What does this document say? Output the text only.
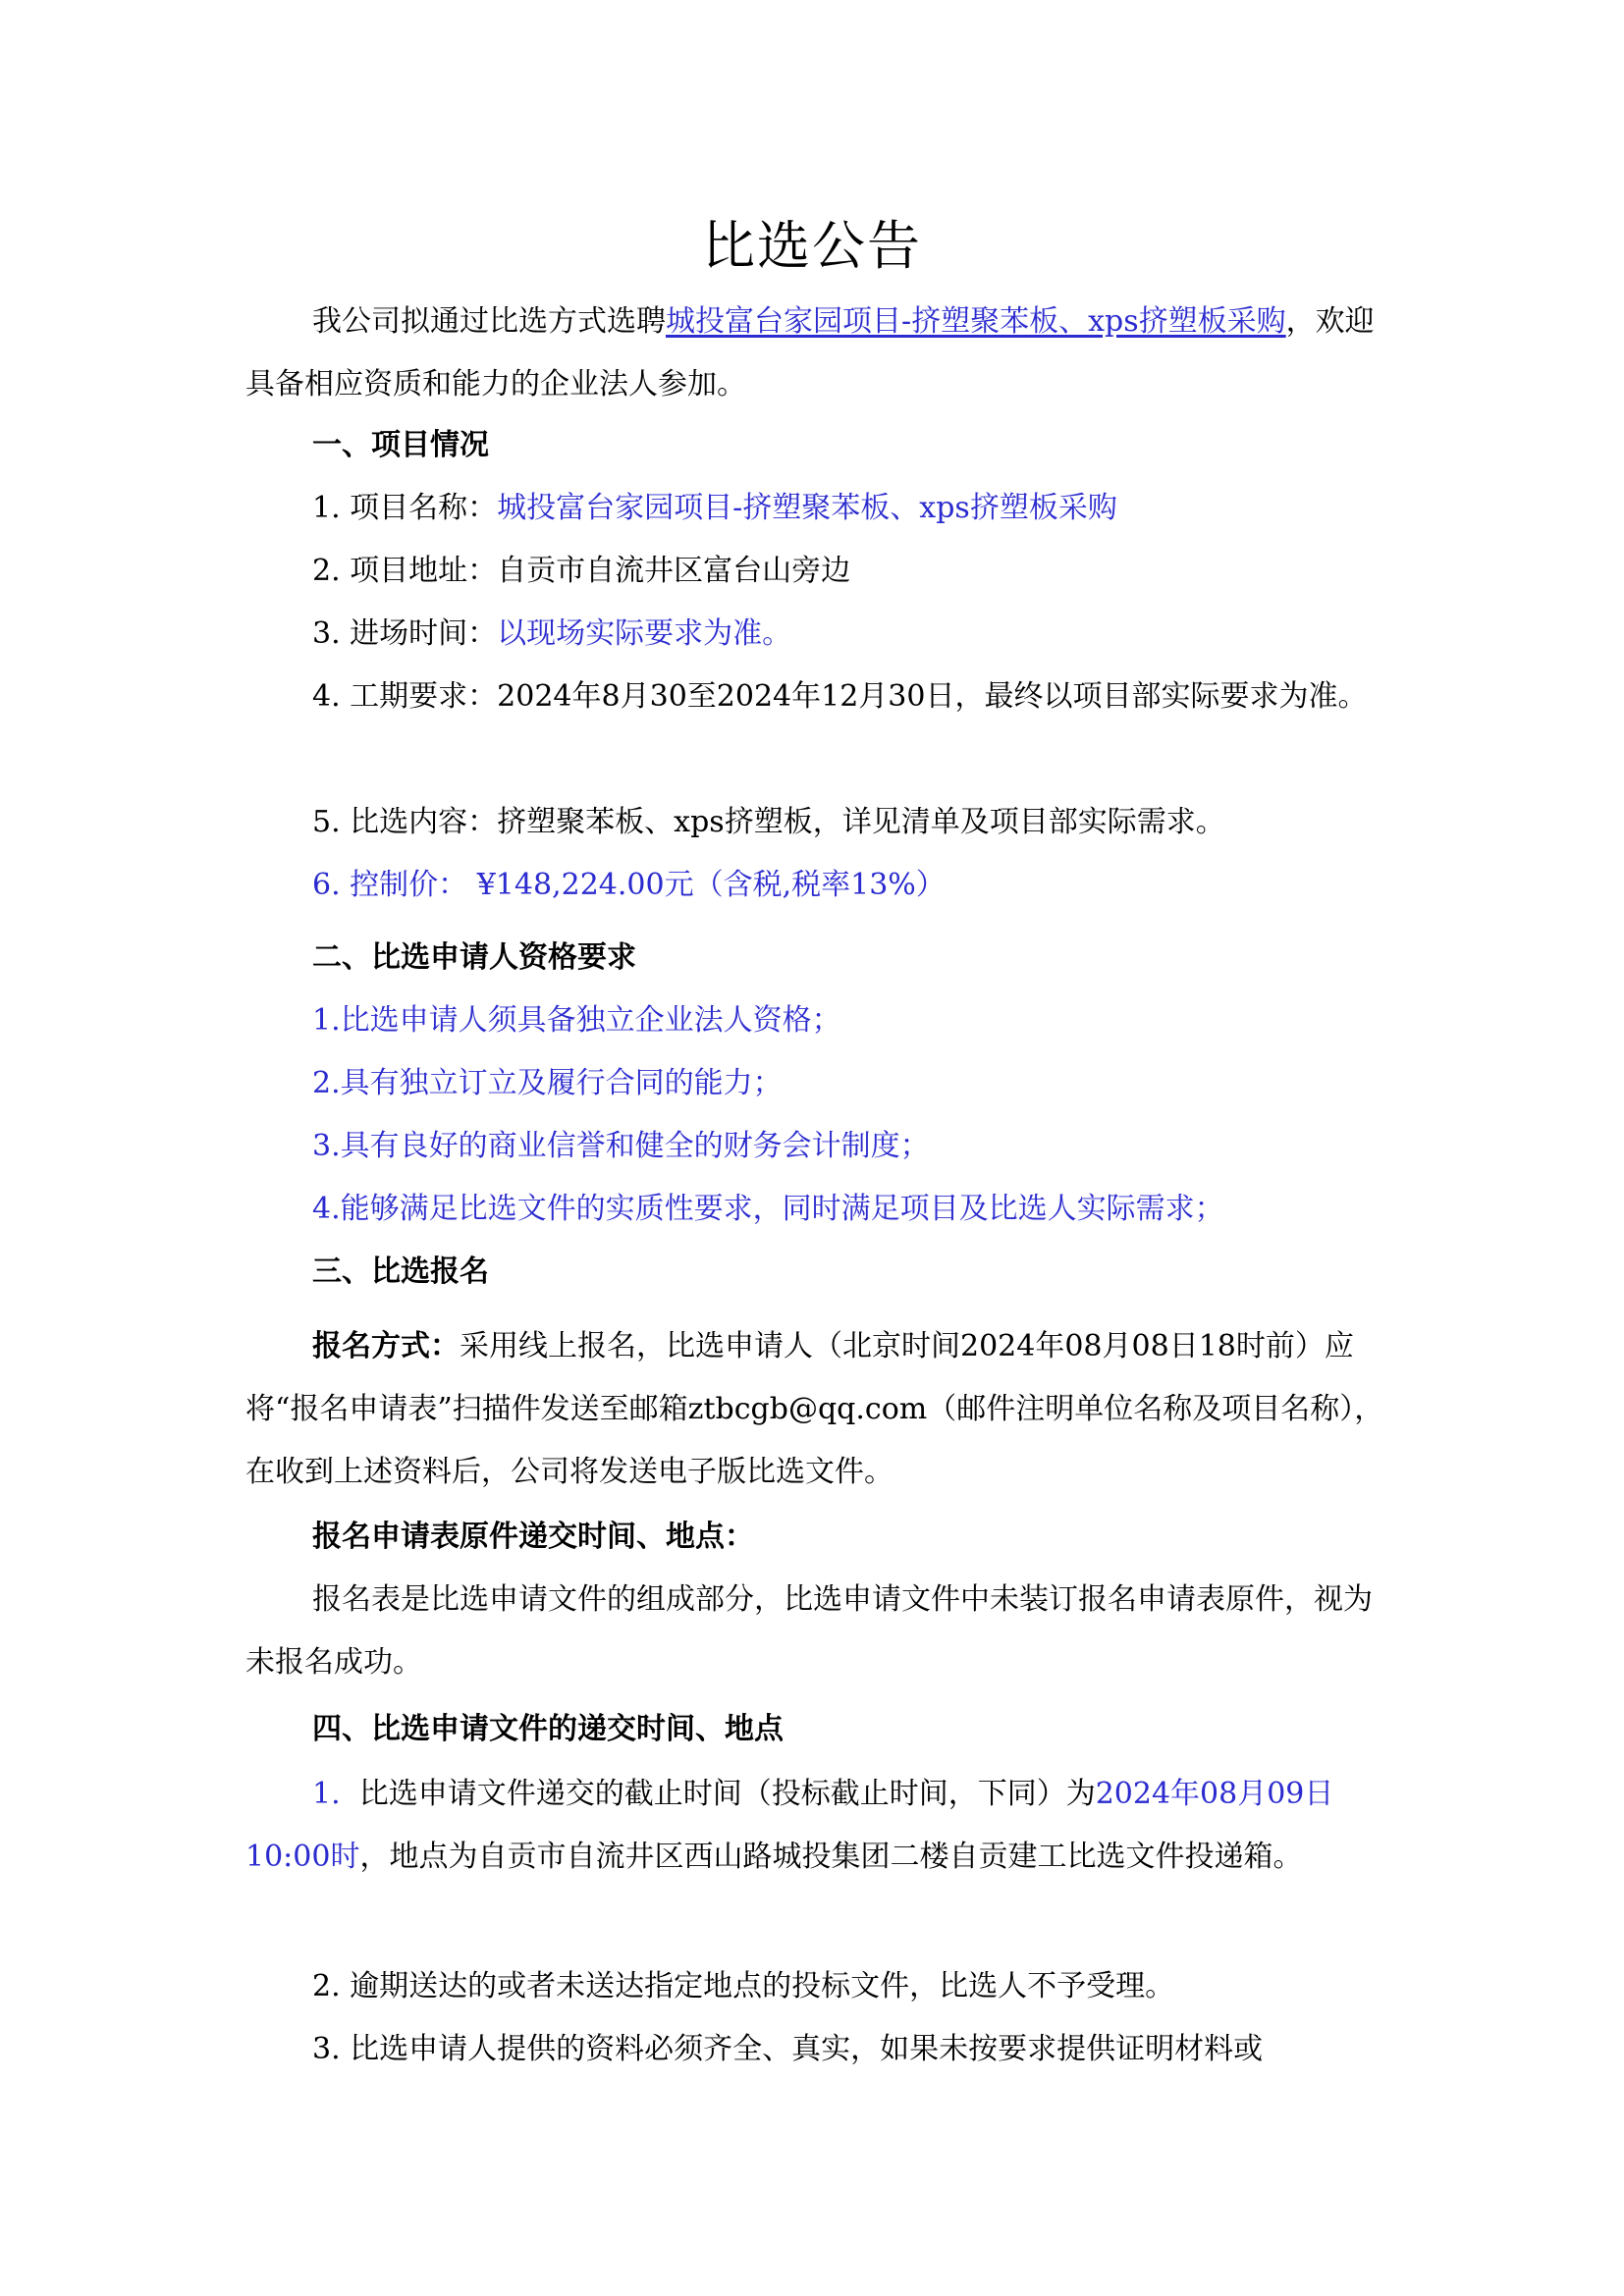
比选公告

我公司拟通过比选方式选聘城投富台家园项目-挤塑聚苯板、xps挤塑板采购，欢迎具备相应资质和能力的企业法人参加。

一、项目情况

1. 项目名称：城投富台家园项目-挤塑聚苯板、xps挤塑板采购

2. 项目地址：自贡市自流井区富台山旁边

3. 进场时间：以现场实际要求为准。

4. 工期要求：2024年8月30至2024年12月30日，最终以项目部实际要求为准。

5. 比选内容：挤塑聚苯板、xps挤塑板，详见清单及项目部实际需求。

6. 控制价： ¥148,224.00元（含税,税率13%）

二、比选申请人资格要求

1.比选申请人须具备独立企业法人资格；

2.具有独立订立及履行合同的能力；

3.具有良好的商业信誉和健全的财务会计制度；

4.能够满足比选文件的实质性要求，同时满足项目及比选人实际需求；

三、比选报名

报名方式：采用线上报名，比选申请人（北京时间2024年08月08日18时前）应将“报名申请表”扫描件发送至邮箱ztbcgb@qq.com（邮件注明单位名称及项目名称），在收到上述资料后，公司将发送电子版比选文件。

报名申请表原件递交时间、地点：

报名表是比选申请文件的组成部分，比选申请文件中未装订报名申请表原件，视为未报名成功。

四、比选申请文件的递交时间、地点

1. 比选申请文件递交的截止时间（投标截止时间，下同）为2024年08月09日10:00时，地点为自贡市自流井区西山路城投集团二楼自贡建工比选文件投递箱。

2. 逾期送达的或者未送达指定地点的投标文件，比选人不予受理。

3. 比选申请人提供的资料必须齐全、真实，如果未按要求提供证明材料或
